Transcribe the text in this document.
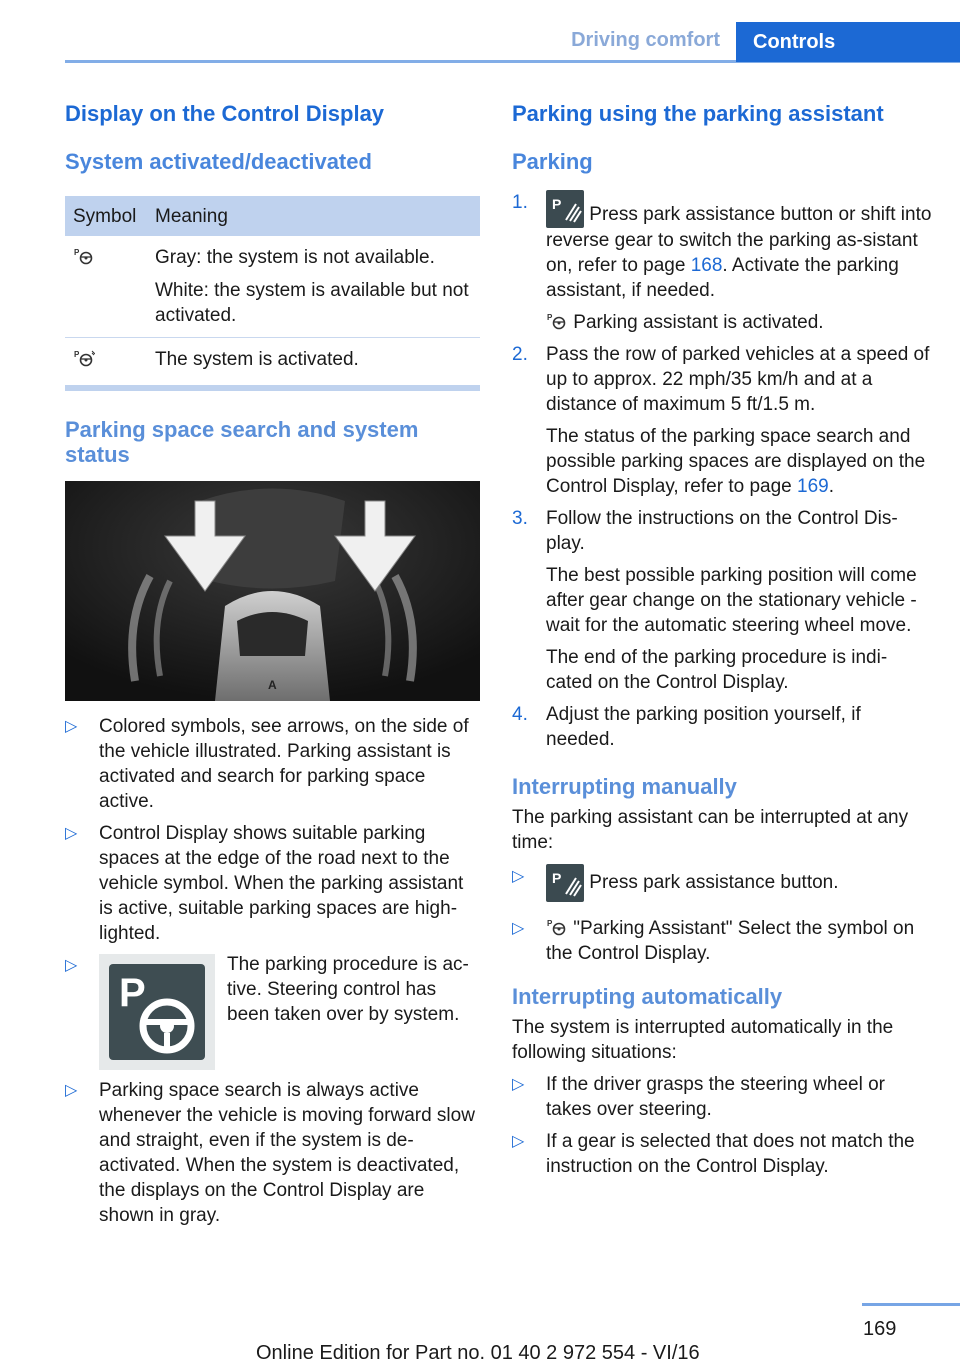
Driving comfort	Controls
Display on the Control Display
System activated/deactivated
Symbol	Meaning

P	Gray: the system is not available.

White: the system is available but not activated.

P	The system is activated.
Parking space search and system status
A
▷ Colored symbols, see arrows, on the side of the vehicle illustrated. Parking assistant is activated and search for parking space active.
▷ Control Display shows suitable parking spaces at the edge of the road next to the vehicle symbol. When the parking assistant is active, suitable parking spaces are high‐lighted.
▷
P
The parking procedure is ac‐tive. Steering control has been taken over by system.
▷ Parking space search is always active whenever the vehicle is moving forward slow and straight, even if the system is de‐activated. When the system is deactivated, the displays on the Control Display are shown in gray.
Parking using the parking assistant
Parking
1. P Press park assistance button or shift into reverse gear to switch the parking as‐sistant on, refer to page 168. Activate the parking assistant, if needed.

P Parking assistant is activated.

2. Pass the row of parked vehicles at a speed of up to approx. 22 mph/35 km/h and at a distance of maximum 5 ft/1.5 m.

The status of the parking space search and possible parking spaces are displayed on the Control Display, refer to page 169.

3. Follow the instructions on the Control Dis‐play.

The best possible parking position will come after gear change on the stationary vehicle - wait for the automatic steering wheel move.

The end of the parking procedure is indi‐cated on the Control Display.

4. Adjust the parking position yourself, if needed.

Interrupting manually

The parking assistant can be interrupted at any time:

▷ P Press park assistance button.
▷	P "Parking Assistant" Select the symbol on the Control Display.
Interrupting automatically

The system is interrupted automatically in the following situations:

▷ If the driver grasps the steering wheel or takes over steering.
▷ If a gear is selected that does not match the instruction on the Control Display.
169
Online Edition for Part no. 01 40 2 972 554 - VI/16
